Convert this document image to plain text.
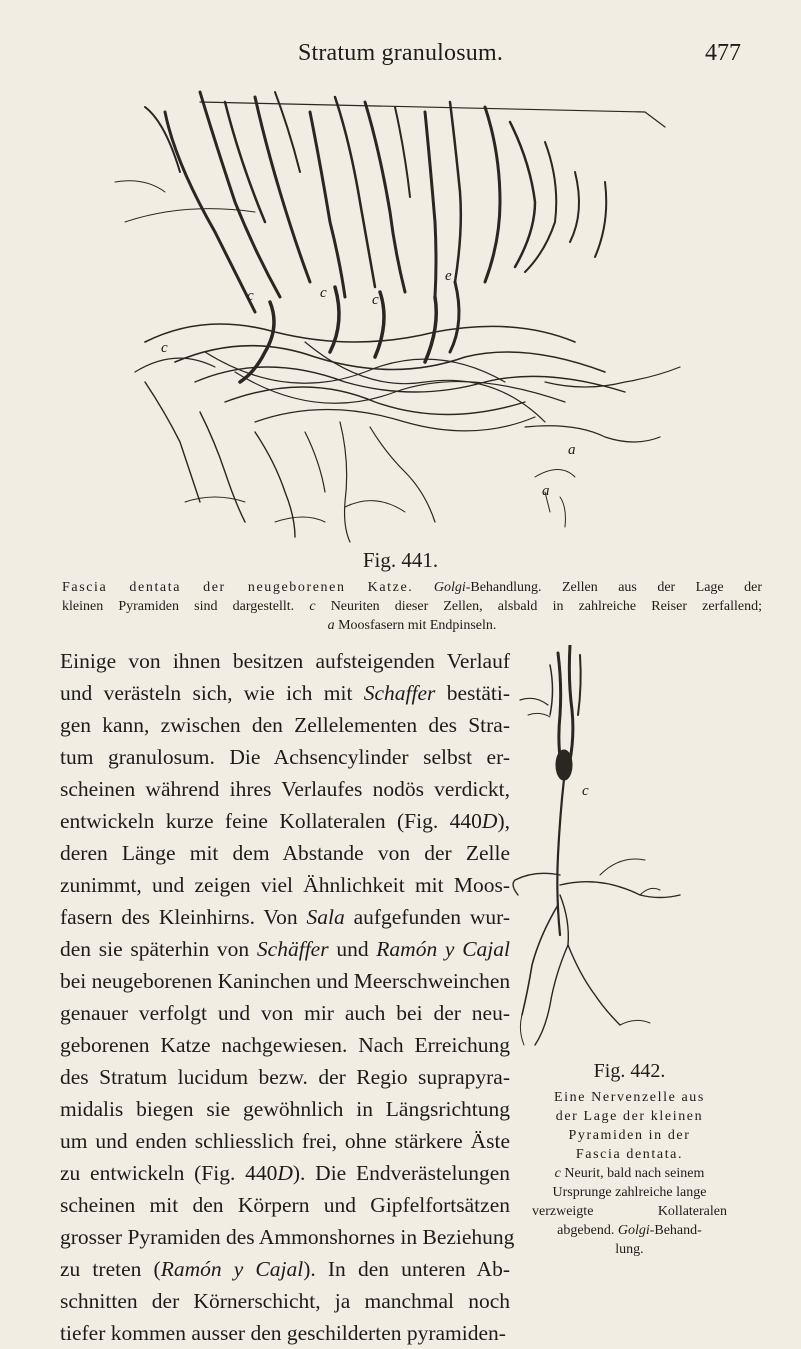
Stratum granulosum.	477
c
c	c	c
e
a
a
Fig. 441.
Fascia dentata der neugeborenen Katze. Golgi-Behandlung. Zellen aus der Lage der
kleinen Pyramiden sind dargestellt. c Neuriten dieser Zellen, alsbald in zahlreiche Reiser zerfallend;
a Moosfasern mit Endpinseln.
Einige von ihnen besitzen aufsteigenden Verlauf
und verästeln sich, wie ich mit Schaffer bestäti-
gen kann, zwischen den Zellelementen des Stra-
tum granulosum. Die Achsencylinder selbst er-
scheinen während ihres Verlaufes nodös verdickt,
entwickeln kurze feine Kollateralen (Fig. 440D),
deren Länge mit dem Abstande von der Zelle
zunimmt, und zeigen viel Ähnlichkeit mit Moos-
fasern des Kleinhirns. Von Sala aufgefunden wur-
den sie späterhin von Schäffer und Ramón y Cajal
bei neugeborenen Kaninchen und Meerschweinchen
genauer verfolgt und von mir auch bei der neu-
geborenen Katze nachgewiesen. Nach Erreichung
des Stratum lucidum bezw. der Regio suprapyra-
midalis biegen sie gewöhnlich in Längsrichtung
um und enden schliesslich frei, ohne stärkere Äste
zu entwickeln (Fig. 440D). Die Endverästelungen
scheinen mit den Körpern und Gipfelfortsätzen
grosser Pyramiden des Ammonshornes in Beziehung
zu treten (Ramón y Cajal). In den unteren Ab-
schnitten der Körnerschicht, ja manchmal noch
tiefer kommen ausser den geschilderten pyramiden-
c
Fig. 442.
Eine Nervenzelle aus
der Lage der kleinen
Pyramiden in der
Fascia dentata.
c Neurit, bald nach seinem
Ursprunge zahlreiche lange
verzweigte Kollateralen
abgebend. Golgi-Behand-
lung.
